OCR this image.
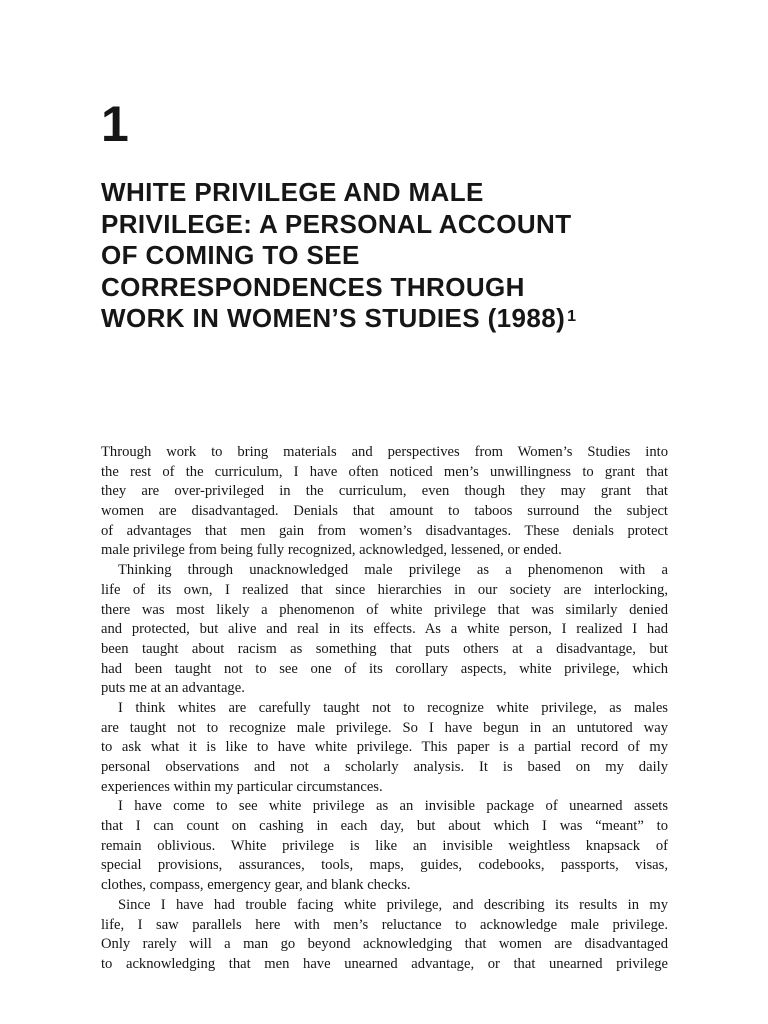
1
WHITE PRIVILEGE AND MALE
PRIVILEGE: A PERSONAL ACCOUNT
OF COMING TO SEE
CORRESPONDENCES THROUGH
WORK IN WOMEN’S STUDIES (1988) $^1$

Through work to bring materials and perspectives from Women’s Studies into
the rest of the curriculum, I have often noticed men’s unwillingness to grant that
they are over-privileged in the curriculum, even though they may grant that
women are disadvantaged. Denials that amount to taboos surround the subject
of advantages that men gain from women’s disadvantages. These denials protect
male privilege from being fully recognized, acknowledged, lessened, or ended.

Thinking through unacknowledged male privilege as a phenomenon with a
life of its own, I realized that since hierarchies in our society are interlocking,
there was most likely a phenomenon of white privilege that was similarly denied
and protected, but alive and real in its effects. As a white person, I realized I had
been taught about racism as something that puts others at a disadvantage, but
had been taught not to see one of its corollary aspects, white privilege, which
puts me at an advantage.

I think whites are carefully taught not to recognize white privilege, as males
are taught not to recognize male privilege. So I have begun in an untutored way
to ask what it is like to have white privilege. This paper is a partial record of my
personal observations and not a scholarly analysis. It is based on my daily
experiences within my particular circumstances.

I have come to see white privilege as an invisible package of unearned assets
that I can count on cashing in each day, but about which I was “meant” to
remain oblivious. White privilege is like an invisible weightless knapsack of
special provisions, assurances, tools, maps, guides, codebooks, passports, visas,
clothes, compass, emergency gear, and blank checks.

Since I have had trouble facing white privilege, and describing its results in my
life, I saw parallels here with men’s reluctance to acknowledge male privilege.
Only rarely will a man go beyond acknowledging that women are disadvantaged
to acknowledging that men have unearned advantage, or that unearned privilege
